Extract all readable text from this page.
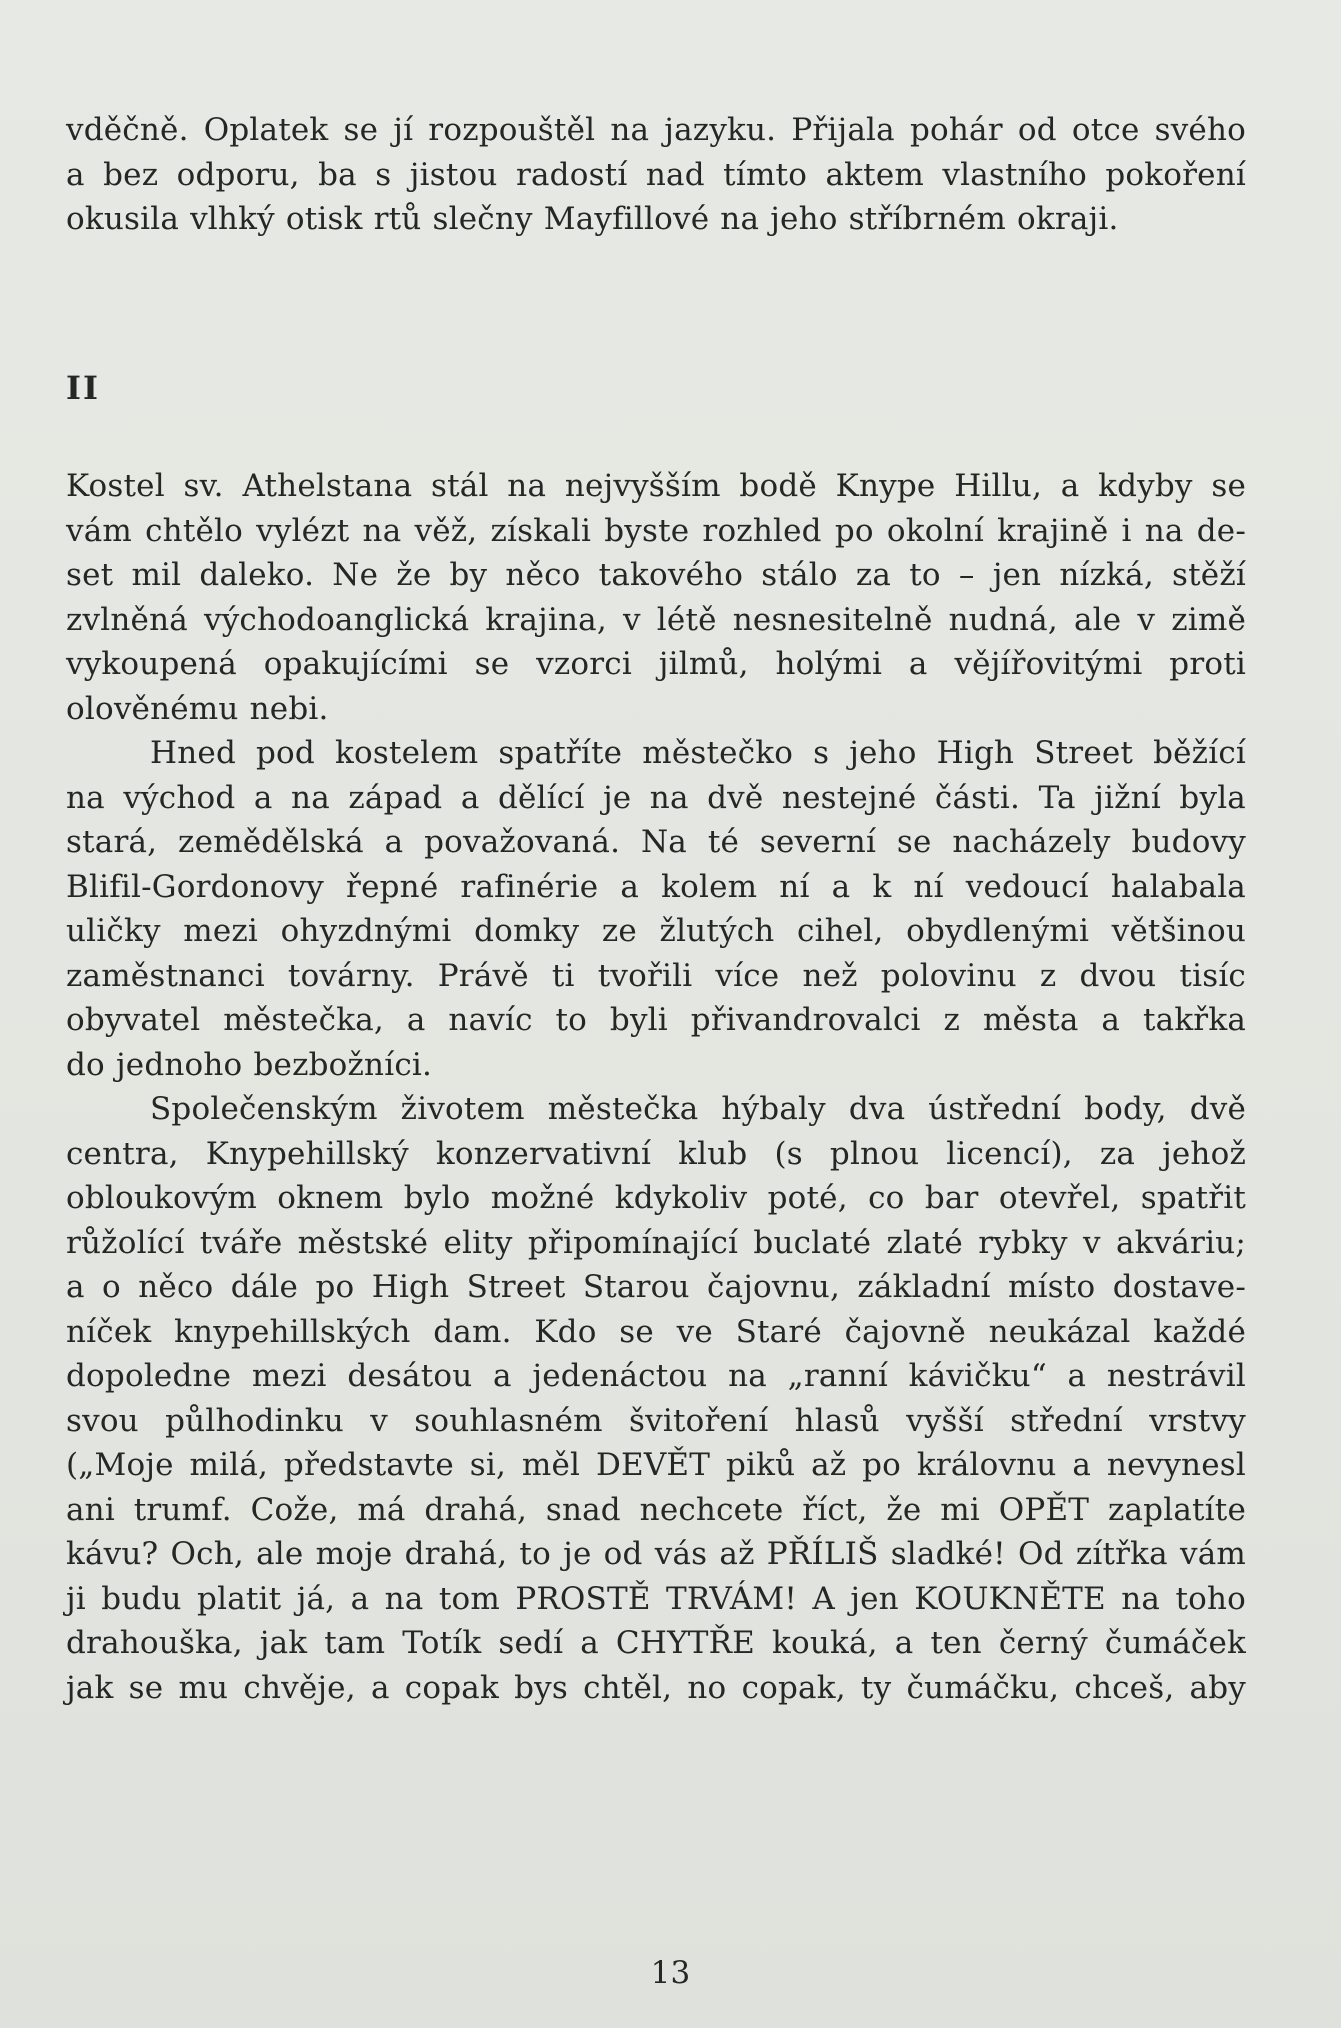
vděčně. Oplatek se jí rozpouštěl na jazyku. Přijala pohár od otce svého
a bez odporu, ba s jistou radostí nad tímto aktem vlastního pokoření
okusila vlhký otisk rtů slečny Mayfillové na jeho stříbrném okraji.
II
Kostel sv. Athelstana stál na nejvyšším bodě Knype Hillu, a kdyby se
vám chtělo vylézt na věž, získali byste rozhled po okolní krajině i na de-
set mil daleko. Ne že by něco takového stálo za to – jen nízká, stěží
zvlněná východoanglická krajina, v létě nesnesitelně nudná, ale v zimě
vykoupená opakujícími se vzorci jilmů, holými a vějířovitými proti
olověnému nebi.
Hned pod kostelem spatříte městečko s jeho High Street běžící
na východ a na západ a dělící je na dvě nestejné části. Ta jižní byla
stará, zemědělská a považovaná. Na té severní se nacházely budovy
Blifil-Gordonovy řepné rafinérie a kolem ní a k ní vedoucí halabala
uličky mezi ohyzdnými domky ze žlutých cihel, obydlenými většinou
zaměstnanci továrny. Právě ti tvořili více než polovinu z dvou tisíc
obyvatel městečka, a navíc to byli přivandrovalci z města a takřka
do jednoho bezbožníci.
Společenským životem městečka hýbaly dva ústřední body, dvě
centra, Knypehillský konzervativní klub (s plnou licencí), za jehož
obloukovým oknem bylo možné kdykoliv poté, co bar otevřel, spatřit
růžolící tváře městské elity připomínající buclaté zlaté rybky v akváriu;
a o něco dále po High Street Starou čajovnu, základní místo dostave-
níček knypehillských dam. Kdo se ve Staré čajovně neukázal každé
dopoledne mezi desátou a jedenáctou na „ranní kávičku“ a nestrávil
svou půlhodinku v souhlasném švitoření hlasů vyšší střední vrstvy
(„Moje milá, představte si, měl DEVĚT piků až po královnu a nevynesl
ani trumf. Cože, má drahá, snad nechcete říct, že mi OPĚT zaplatíte
kávu? Och, ale moje drahá, to je od vás až PŘÍLIŠ sladké! Od zítřka vám
ji budu platit já, a na tom PROSTĚ TRVÁM! A jen KOUKNĚTE na toho
drahouška, jak tam Totík sedí a CHYTŘE kouká, a ten černý čumáček
jak se mu chvěje, a copak bys chtěl, no copak, ty čumáčku, chceš, aby
13
